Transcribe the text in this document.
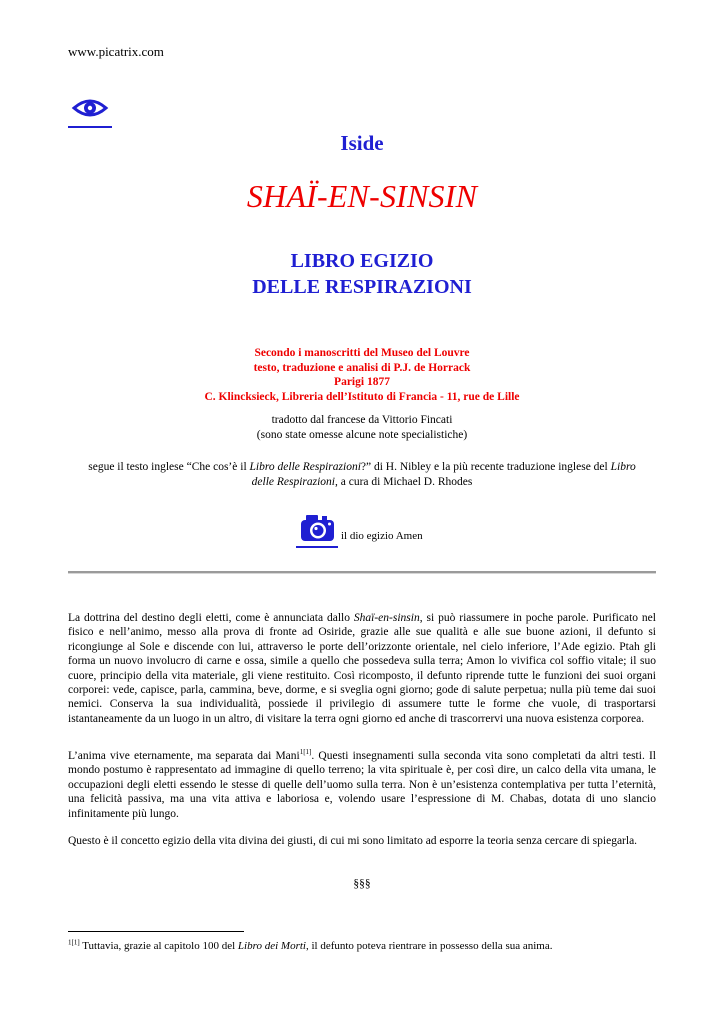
www.picatrix.com
Iside
SHAÏ-EN-SINSIN
LIBRO EGIZIO
DELLE RESPIRAZIONI
Secondo i manoscritti del Museo del Louvre
testo, traduzione e analisi di P.J. de Horrack
Parigi 1877
C. Klincksieck, Libreria dell’Istituto di Francia - 11, rue de Lille
tradotto dal francese da Vittorio Fincati
(sono state omesse alcune note specialistiche)
segue il testo inglese “Che cos’è il Libro delle Respirazioni?” di H. Nibley e la più recente traduzione inglese del Libro
delle Respirazioni, a cura di Michael D. Rhodes
il dio egizio Amen
La dottrina del destino degli eletti, come è annunciata dallo Shaï-en-sinsin, si può riassumere in poche parole. Purificato nel fisico e nell’animo, messo alla prova di fronte ad Osiride, grazie alle sue qualità e alle sue buone azioni, il defunto si ricongiunge al Sole e discende con lui, attraverso le porte dell’orizzonte orientale, nel cielo inferiore, l’Ade egizio. Ptah gli forma un nuovo involucro di carne e ossa, simile a quello che possedeva sulla terra; Amon lo vivifica col soffio vitale; il suo cuore, principio della vita materiale, gli viene restituito. Così ricomposto, il defunto riprende tutte le funzioni dei suoi organi corporei: vede, capisce, parla, cammina, beve, dorme, e si sveglia ogni giorno; gode di salute perpetua; nulla più teme dai suoi nemici. Conserva la sua individualità, possiede il privilegio di assumere tutte le forme che vuole, di trasportarsi istantaneamente da un luogo in un altro, di visitare la terra ogni giorno ed anche di trascorrervi una nuova esistenza corporea.
L’anima vive eternamente, ma separata dai Mani$^{1[1]}$. Questi insegnamenti sulla seconda vita sono completati da altri testi. Il mondo postumo è rappresentato ad immagine di quello terreno; la vita spirituale è, per così dire, un calco della vita umana, le occupazioni degli eletti essendo le stesse di quelle dell’uomo sulla terra. Non è un’esistenza contemplativa per tutta l’eternità, una felicità passiva, ma una vita attiva e laboriosa e, volendo usare l’espressione di M. Chabas, dotata di uno slancio infinitamente più lungo.
Questo è il concetto egizio della vita divina dei giusti, di cui mi sono limitato ad esporre la teoria senza cercare di spiegarla.
§§§
$^{1[1]}$ Tuttavia, grazie al capitolo 100 del Libro dei Morti, il defunto poteva rientrare in possesso della sua anima.
